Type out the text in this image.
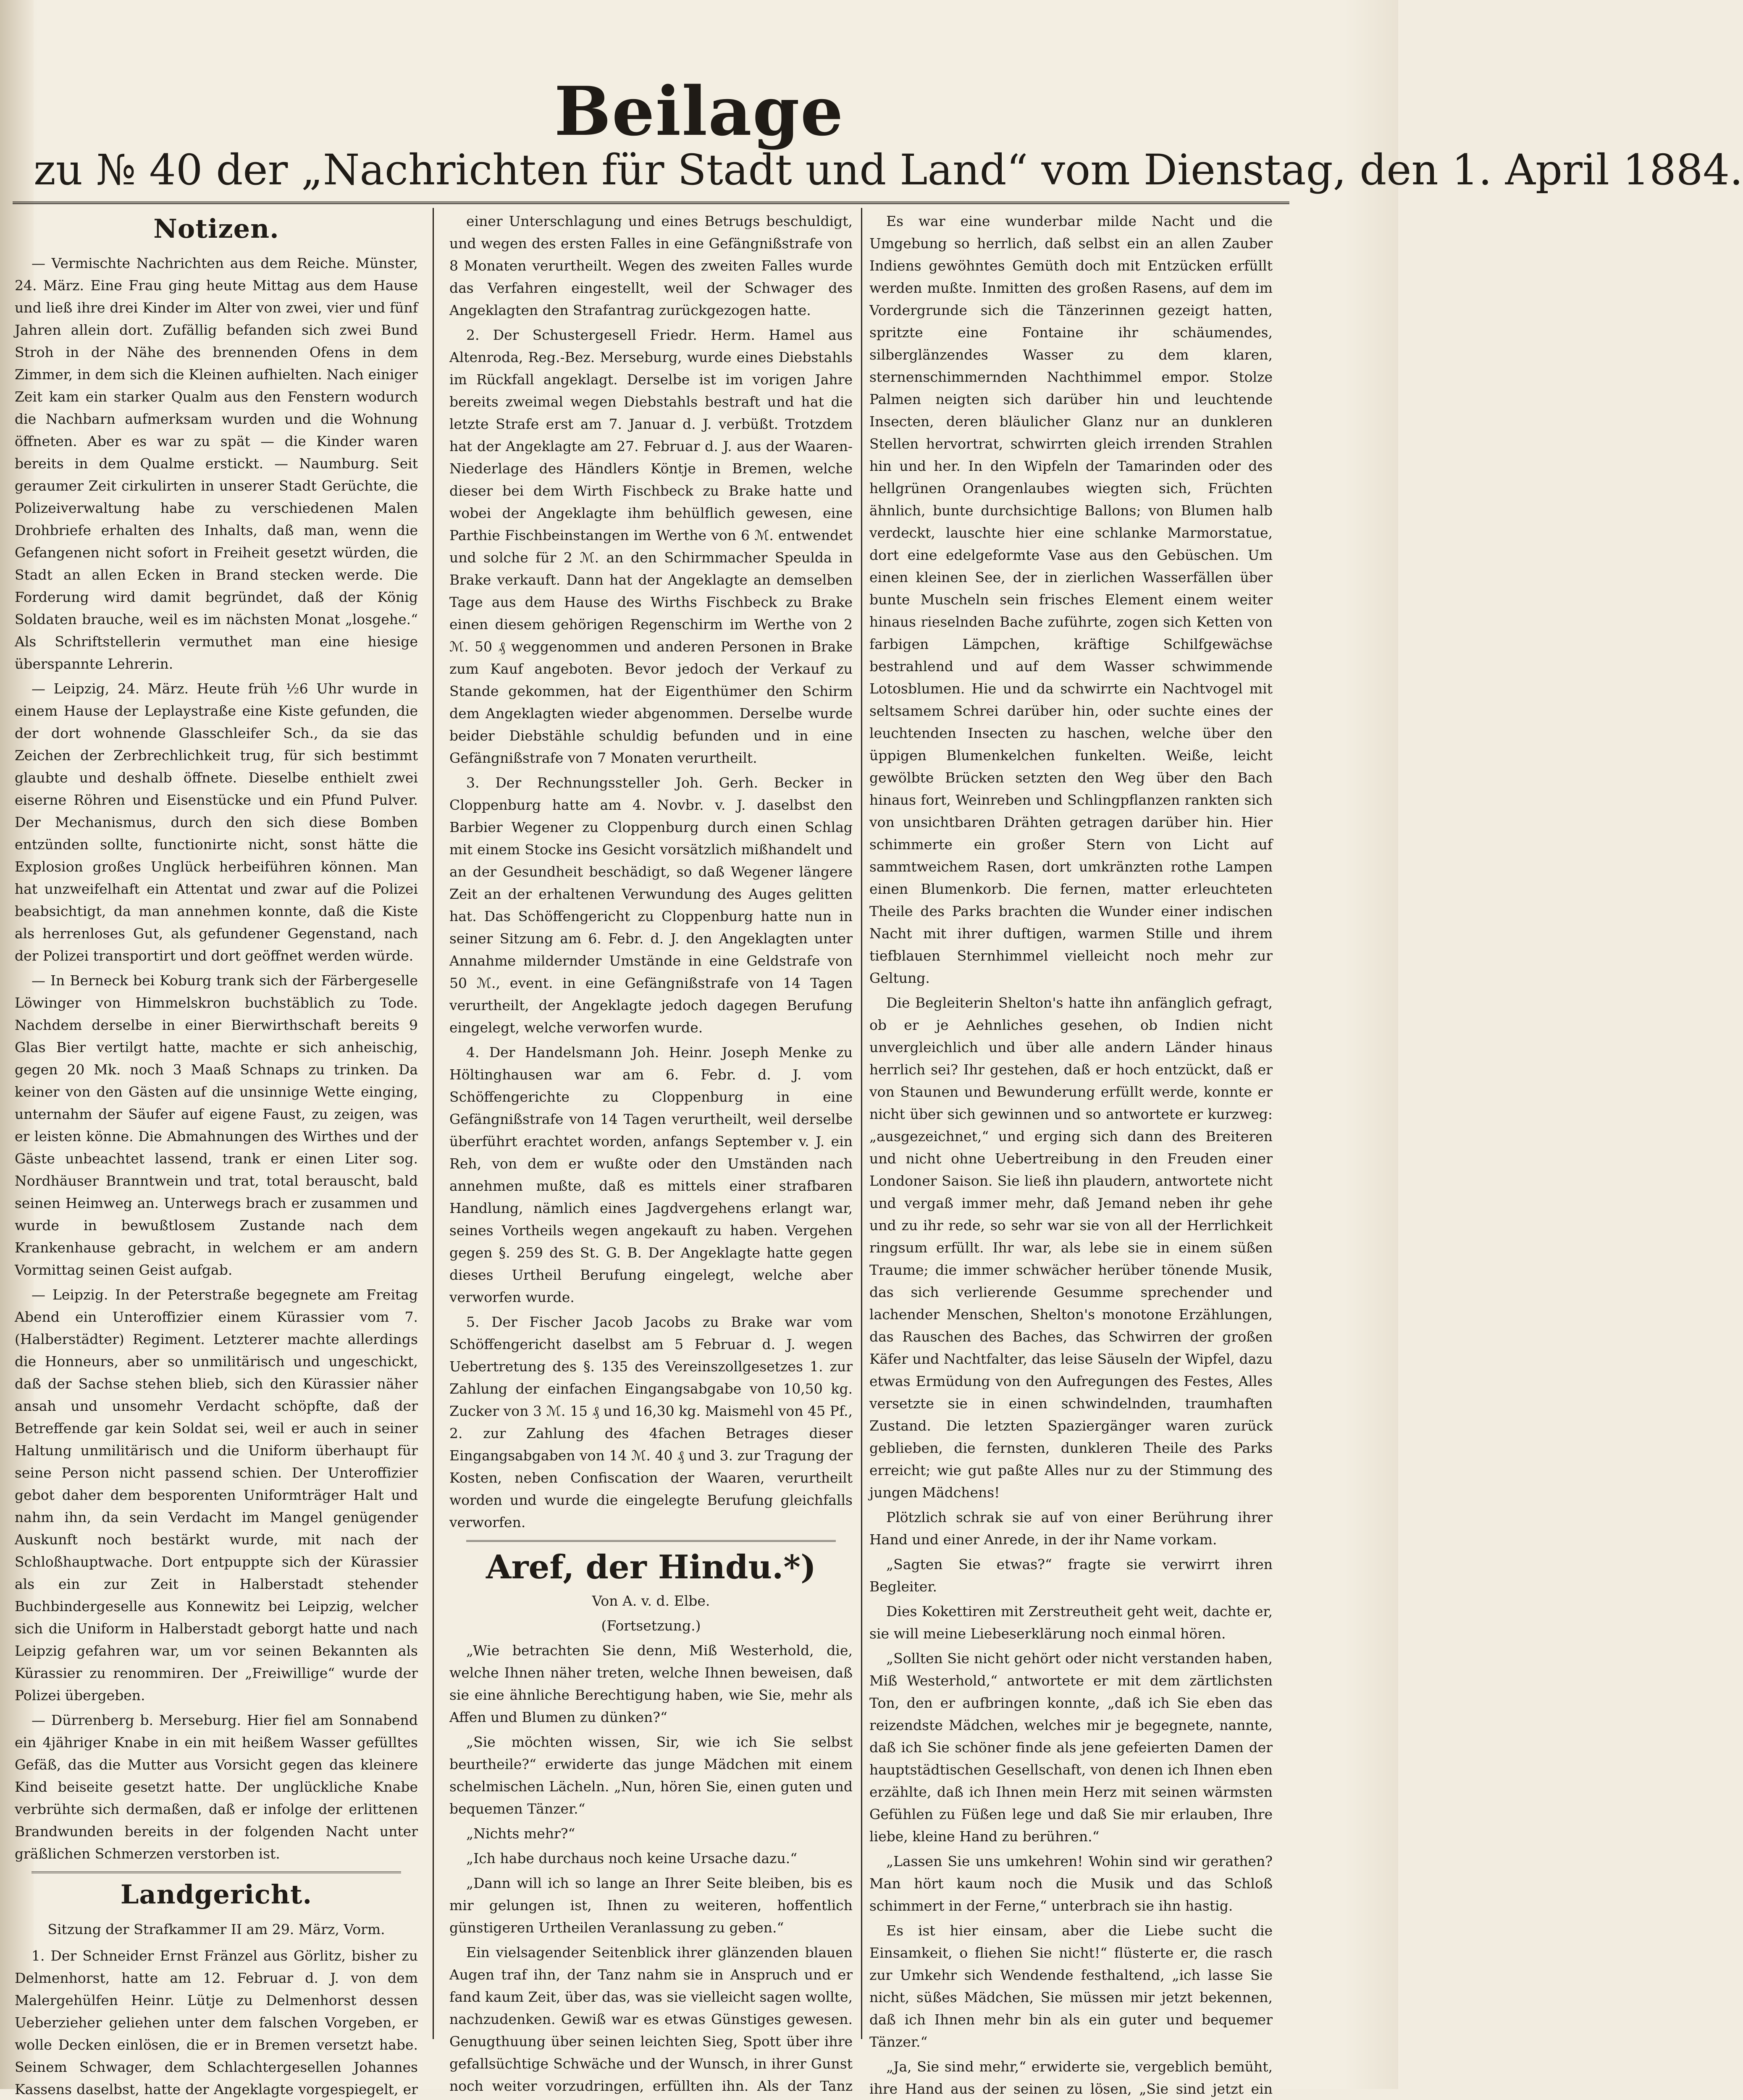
Beilage
zu № 40 der „Nachrichten für Stadt und Land“ vom Dienstag, den 1. April 1884.
Notizen.

— Vermischte Nachrichten aus dem Reiche. Münster, 24. März. Eine Frau ging heute Mittag aus dem Hause und ließ ihre drei Kinder im Alter von zwei, vier und fünf Jahren allein dort. Zufällig befanden sich zwei Bund Stroh in der Nähe des brennenden Ofens in dem Zimmer, in dem sich die Kleinen aufhielten. Nach einiger Zeit kam ein starker Qualm aus den Fenstern wodurch die Nachbarn aufmerksam wurden und die Wohnung öffneten. Aber es war zu spät — die Kinder waren bereits in dem Qualme erstickt. — Naumburg. Seit geraumer Zeit cirkulirten in unserer Stadt Gerüchte, die Polizeiverwaltung habe zu verschiedenen Malen Drohbriefe erhalten des Inhalts, daß man, wenn die Gefangenen nicht sofort in Freiheit gesetzt würden, die Stadt an allen Ecken in Brand stecken werde. Die Forderung wird damit begründet, daß der König Soldaten brauche, weil es im nächsten Monat „losgehe.“ Als Schriftstellerin vermuthet man eine hiesige überspannte Lehrerin.

— Leipzig, 24. März. Heute früh ½6 Uhr wurde in einem Hause der Leplaystraße eine Kiste gefunden, die der dort wohnende Glasschleifer Sch., da sie das Zeichen der Zerbrechlichkeit trug, für sich bestimmt glaubte und deshalb öffnete. Dieselbe enthielt zwei eiserne Röhren und Eisenstücke und ein Pfund Pulver. Der Mechanismus, durch den sich diese Bomben entzünden sollte, functionirte nicht, sonst hätte die Explosion großes Unglück herbeiführen können. Man hat unzweifelhaft ein Attentat und zwar auf die Polizei beabsichtigt, da man annehmen konnte, daß die Kiste als herrenloses Gut, als gefundener Gegenstand, nach der Polizei transportirt und dort geöffnet werden würde.

— In Berneck bei Koburg trank sich der Färbergeselle Löwinger von Himmelskron buchstäblich zu Tode. Nachdem derselbe in einer Bierwirthschaft bereits 9 Glas Bier vertilgt hatte, machte er sich anheischig, gegen 20 Mk. noch 3 Maaß Schnaps zu trinken. Da keiner von den Gästen auf die unsinnige Wette einging, unternahm der Säufer auf eigene Faust, zu zeigen, was er leisten könne. Die Abmahnungen des Wirthes und der Gäste unbeachtet lassend, trank er einen Liter sog. Nordhäuser Branntwein und trat, total berauscht, bald seinen Heimweg an. Unterwegs brach er zusammen und wurde in bewußtlosem Zustande nach dem Krankenhause gebracht, in welchem er am andern Vormittag seinen Geist aufgab.

— Leipzig. In der Peterstraße begegnete am Freitag Abend ein Unteroffizier einem Kürassier vom 7. (Halberstädter) Regiment. Letzterer machte allerdings die Honneurs, aber so unmilitärisch und ungeschickt, daß der Sachse stehen blieb, sich den Kürassier näher ansah und unsomehr Verdacht schöpfte, daß der Betreffende gar kein Soldat sei, weil er auch in seiner Haltung unmilitärisch und die Uniform überhaupt für seine Person nicht passend schien. Der Unteroffizier gebot daher dem besporenten Uniformträger Halt und nahm ihn, da sein Verdacht im Mangel genügender Auskunft noch bestärkt wurde, mit nach der Schloßhauptwache. Dort entpuppte sich der Kürassier als ein zur Zeit in Halberstadt stehender Buchbindergeselle aus Konnewitz bei Leipzig, welcher sich die Uniform in Halberstadt geborgt hatte und nach Leipzig gefahren war, um vor seinen Bekannten als Kürassier zu renommiren. Der „Freiwillige“ wurde der Polizei übergeben.

— Dürrenberg b. Merseburg. Hier fiel am Sonnabend ein 4jähriger Knabe in ein mit heißem Wasser gefülltes Gefäß, das die Mutter aus Vorsicht gegen das kleinere Kind beiseite gesetzt hatte. Der unglückliche Knabe verbrühte sich dermaßen, daß er infolge der erlittenen Brandwunden bereits in der folgenden Nacht unter gräßlichen Schmerzen verstorben ist.

Landgericht.

Sitzung der Strafkammer II am 29. März, Vorm.

1. Der Schneider Ernst Fränzel aus Görlitz, bisher zu Delmenhorst, hatte am 12. Februar d. J. von dem Malergehülfen Heinr. Lütje zu Delmenhorst dessen Ueberzieher geliehen unter dem falschen Vorgeben, er wolle Decken einlösen, die er in Bremen versetzt habe. Seinem Schwager, dem Schlachtergesellen Johannes Kassens daselbst, hatte der Angeklagte vorgespiegelt, er

einer Unterschlagung und eines Betrugs beschuldigt, und wegen des ersten Falles in eine Gefängnißstrafe von 8 Monaten verurtheilt. Wegen des zweiten Falles wurde das Verfahren eingestellt, weil der Schwager des Angeklagten den Strafantrag zurückgezogen hatte.

2. Der Schustergesell Friedr. Herm. Hamel aus Altenroda, Reg.-Bez. Merseburg, wurde eines Diebstahls im Rückfall angeklagt. Derselbe ist im vorigen Jahre bereits zweimal wegen Diebstahls bestraft und hat die letzte Strafe erst am 7. Januar d. J. verbüßt. Trotzdem hat der Angeklagte am 27. Februar d. J. aus der Waaren-Niederlage des Händlers Köntje in Bremen, welche dieser bei dem Wirth Fischbeck zu Brake hatte und wobei der Angeklagte ihm behülflich gewesen, eine Parthie Fischbeinstangen im Werthe von 6 ℳ. entwendet und solche für 2 ℳ. an den Schirmmacher Speulda in Brake verkauft. Dann hat der Angeklagte an demselben Tage aus dem Hause des Wirths Fischbeck zu Brake einen diesem gehörigen Regenschirm im Werthe von 2 ℳ. 50 ₰ weggenommen und anderen Personen in Brake zum Kauf angeboten. Bevor jedoch der Verkauf zu Stande gekommen, hat der Eigenthümer den Schirm dem Angeklagten wieder abgenommen. Derselbe wurde beider Diebstähle schuldig befunden und in eine Gefängnißstrafe von 7 Monaten verurtheilt.

3. Der Rechnungssteller Joh. Gerh. Becker in Cloppenburg hatte am 4. Novbr. v. J. daselbst den Barbier Wegener zu Cloppenburg durch einen Schlag mit einem Stocke ins Gesicht vorsätzlich mißhandelt und an der Gesundheit beschädigt, so daß Wegener längere Zeit an der erhaltenen Verwundung des Auges gelitten hat. Das Schöffengericht zu Cloppenburg hatte nun in seiner Sitzung am 6. Febr. d. J. den Angeklagten unter Annahme mildernder Umstände in eine Geldstrafe von 50 ℳ., event. in eine Gefängnißstrafe von 14 Tagen verurtheilt, der Angeklagte jedoch dagegen Berufung eingelegt, welche verworfen wurde.

4. Der Handelsmann Joh. Heinr. Joseph Menke zu Höltinghausen war am 6. Febr. d. J. vom Schöffengerichte zu Cloppenburg in eine Gefängnißstrafe von 14 Tagen verurtheilt, weil derselbe überführt erachtet worden, anfangs September v. J. ein Reh, von dem er wußte oder den Umständen nach annehmen mußte, daß es mittels einer strafbaren Handlung, nämlich eines Jagdvergehens erlangt war, seines Vortheils wegen angekauft zu haben. Vergehen gegen §. 259 des St. G. B. Der Angeklagte hatte gegen dieses Urtheil Berufung eingelegt, welche aber verworfen wurde.

5. Der Fischer Jacob Jacobs zu Brake war vom Schöffengericht daselbst am 5 Februar d. J. wegen Uebertretung des §. 135 des Vereinszollgesetzes 1. zur Zahlung der einfachen Eingangsabgabe von 10,50 kg. Zucker von 3 ℳ. 15 ₰ und 16,30 kg. Maismehl von 45 Pf., 2. zur Zahlung des 4fachen Betrages dieser Eingangsabgaben von 14 ℳ. 40 ₰ und 3. zur Tragung der Kosten, neben Confiscation der Waaren, verurtheilt worden und wurde die eingelegte Berufung gleichfalls verworfen.

Aref, der Hindu.*)

Von A. v. d. Elbe.

(Fortsetzung.)

„Wie betrachten Sie denn, Miß Westerhold, die, welche Ihnen näher treten, welche Ihnen beweisen, daß sie eine ähnliche Berechtigung haben, wie Sie, mehr als Affen und Blumen zu dünken?“

„Sie möchten wissen, Sir, wie ich Sie selbst beurtheile?“ erwiderte das junge Mädchen mit einem schelmischen Lächeln. „Nun, hören Sie, einen guten und bequemen Tänzer.“

„Nichts mehr?“

„Ich habe durchaus noch keine Ursache dazu.“

„Dann will ich so lange an Ihrer Seite bleiben, bis es mir gelungen ist, Ihnen zu weiteren, hoffentlich günstigeren Urtheilen Veranlassung zu geben.“

Ein vielsagender Seitenblick ihrer glänzenden blauen Augen traf ihn, der Tanz nahm sie in Anspruch und er fand kaum Zeit, über das, was sie vielleicht sagen wollte, nachzudenken. Gewiß war es etwas Günstiges gewesen. Genugthuung über seinen leichten Sieg, Spott über ihre gefallsüchtige Schwäche und der Wunsch, in ihrer Gunst noch weiter vorzudringen, erfüllten ihn. Als der Tanz

Es war eine wunderbar milde Nacht und die Umgebung so herrlich, daß selbst ein an allen Zauber Indiens gewöhntes Gemüth doch mit Entzücken erfüllt werden mußte. Inmitten des großen Rasens, auf dem im Vordergrunde sich die Tänzerinnen gezeigt hatten, spritzte eine Fontaine ihr schäumendes, silberglänzendes Wasser zu dem klaren, sternenschimmernden Nachthimmel empor. Stolze Palmen neigten sich darüber hin und leuchtende Insecten, deren bläulicher Glanz nur an dunkleren Stellen hervortrat, schwirrten gleich irrenden Strahlen hin und her. In den Wipfeln der Tamarinden oder des hellgrünen Orangenlaubes wiegten sich, Früchten ähnlich, bunte durchsichtige Ballons; von Blumen halb verdeckt, lauschte hier eine schlanke Marmorstatue, dort eine edelgeformte Vase aus den Gebüschen. Um einen kleinen See, der in zierlichen Wasserfällen über bunte Muscheln sein frisches Element einem weiter hinaus rieselnden Bache zuführte, zogen sich Ketten von farbigen Lämpchen, kräftige Schilfgewächse bestrahlend und auf dem Wasser schwimmende Lotosblumen. Hie und da schwirrte ein Nachtvogel mit seltsamem Schrei darüber hin, oder suchte eines der leuchtenden Insecten zu haschen, welche über den üppigen Blumenkelchen funkelten. Weiße, leicht gewölbte Brücken setzten den Weg über den Bach hinaus fort, Weinreben und Schlingpflanzen rankten sich von unsichtbaren Drähten getragen darüber hin. Hier schimmerte ein großer Stern von Licht auf sammtweichem Rasen, dort umkränzten rothe Lampen einen Blumenkorb. Die fernen, matter erleuchteten Theile des Parks brachten die Wunder einer indischen Nacht mit ihrer duftigen, warmen Stille und ihrem tiefblauen Sternhimmel vielleicht noch mehr zur Geltung.

Die Begleiterin Shelton's hatte ihn anfänglich gefragt, ob er je Aehnliches gesehen, ob Indien nicht unvergleichlich und über alle andern Länder hinaus herrlich sei? Ihr gestehen, daß er hoch entzückt, daß er von Staunen und Bewunderung erfüllt werde, konnte er nicht über sich gewinnen und so antwortete er kurzweg: „ausgezeichnet,“ und erging sich dann des Breiteren und nicht ohne Uebertreibung in den Freuden einer Londoner Saison. Sie ließ ihn plaudern, antwortete nicht und vergaß immer mehr, daß Jemand neben ihr gehe und zu ihr rede, so sehr war sie von all der Herrlichkeit ringsum erfüllt. Ihr war, als lebe sie in einem süßen Traume; die immer schwächer herüber tönende Musik, das sich verlierende Gesumme sprechender und lachender Menschen, Shelton's monotone Erzählungen, das Rauschen des Baches, das Schwirren der großen Käfer und Nachtfalter, das leise Säuseln der Wipfel, dazu etwas Ermüdung von den Aufregungen des Festes, Alles versetzte sie in einen schwindelnden, traumhaften Zustand. Die letzten Spaziergänger waren zurück geblieben, die fernsten, dunkleren Theile des Parks erreicht; wie gut paßte Alles nur zu der Stimmung des jungen Mädchens!

Plötzlich schrak sie auf von einer Berührung ihrer Hand und einer Anrede, in der ihr Name vorkam.

„Sagten Sie etwas?“ fragte sie verwirrt ihren Begleiter.

Dies Kokettiren mit Zerstreutheit geht weit, dachte er, sie will meine Liebeserklärung noch einmal hören.

„Sollten Sie nicht gehört oder nicht verstanden haben, Miß Westerhold,“ antwortete er mit dem zärtlichsten Ton, den er aufbringen konnte, „daß ich Sie eben das reizendste Mädchen, welches mir je begegnete, nannte, daß ich Sie schöner finde als jene gefeierten Damen der hauptstädtischen Gesellschaft, von denen ich Ihnen eben erzählte, daß ich Ihnen mein Herz mit seinen wärmsten Gefühlen zu Füßen lege und daß Sie mir erlauben, Ihre liebe, kleine Hand zu berühren.“

„Lassen Sie uns umkehren! Wohin sind wir gerathen? Man hört kaum noch die Musik und das Schloß schimmert in der Ferne,“ unterbrach sie ihn hastig.

Es ist hier einsam, aber die Liebe sucht die Einsamkeit, o fliehen Sie nicht!“ flüsterte er, die rasch zur Umkehr sich Wendende festhaltend, „ich lasse Sie nicht, süßes Mädchen, Sie müssen mir jetzt bekennen, daß ich Ihnen mehr bin als ein guter und bequemer Tänzer.“

„Ja, Sie sind mehr,“ erwiderte sie, vergeblich bemüht, ihre Hand aus der seinen zu lösen, „Sie sind jetzt ein
